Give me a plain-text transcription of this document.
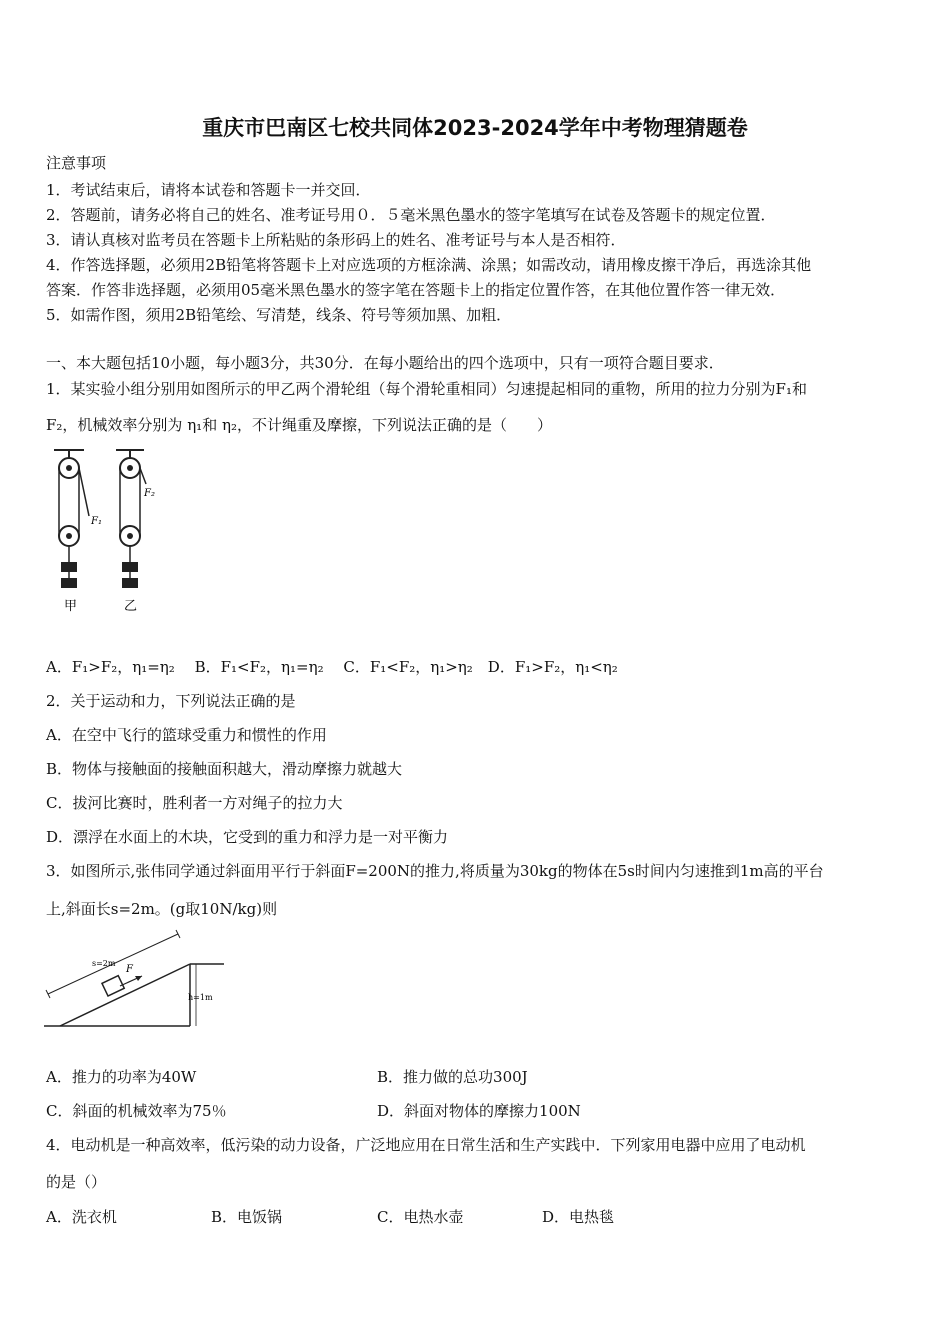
重庆市巴南区七校共同体2023-2024学年中考物理猜题卷
注意事项
1．考试结束后，请将本试卷和答题卡一并交回．
2．答题前，请务必将自己的姓名、准考证号用０．５毫米黑色墨水的签字笔填写在试卷及答题卡的规定位置．
3．请认真核对监考员在答题卡上所粘贴的条形码上的姓名、准考证号与本人是否相符．
4．作答选择题，必须用2B铅笔将答题卡上对应选项的方框涂满、涂黑；如需改动，请用橡皮擦干净后，再选涂其他
答案．作答非选择题，必须用05毫米黑色墨水的签字笔在答题卡上的指定位置作答，在其他位置作答一律无效．
5．如需作图，须用2B铅笔绘、写清楚，线条、符号等须加黑、加粗．
一、本大题包括10小题，每小题3分，共30分．在每小题给出的四个选项中，只有一项符合题目要求．
1．某实验小组分别用如图所示的甲乙两个滑轮组（每个滑轮重相同）匀速提起相同的重物，所用的拉力分别为F₁和
F₂，机械效率分别为 η₁和 η₂，不计绳重及摩擦，下列说法正确的是（　　）
F₁
甲
F₂
乙
A．F₁>F₂，η₁=η₂　 B．F₁<F₂，η₁=η₂　 C．F₁<F₂，η₁>η₂　D．F₁>F₂，η₁<η₂
2．关于运动和力，下列说法正确的是
A．在空中飞行的篮球受重力和惯性的作用
B．物体与接触面的接触面积越大，滑动摩擦力就越大
C．拔河比赛时，胜利者一方对绳子的拉力大
D．漂浮在水面上的木块，它受到的重力和浮力是一对平衡力
3．如图所示,张伟同学通过斜面用平行于斜面F=200N的推力,将质量为30kg的物体在5s时间内匀速推到1m高的平台
上,斜面长s=2m。(g取10N/kg)则
s=2m
F
h=1m
A．推力的功率为40W	B．推力做的总功300J
C．斜面的机械效率为75％	D．斜面对物体的摩擦力100N
4．电动机是一种高效率，低污染的动力设备，广泛地应用在日常生活和生产实践中．下列家用电器中应用了电动机
的是（）
A．洗衣机	B．电饭锅	C．电热水壶	D．电热毯
